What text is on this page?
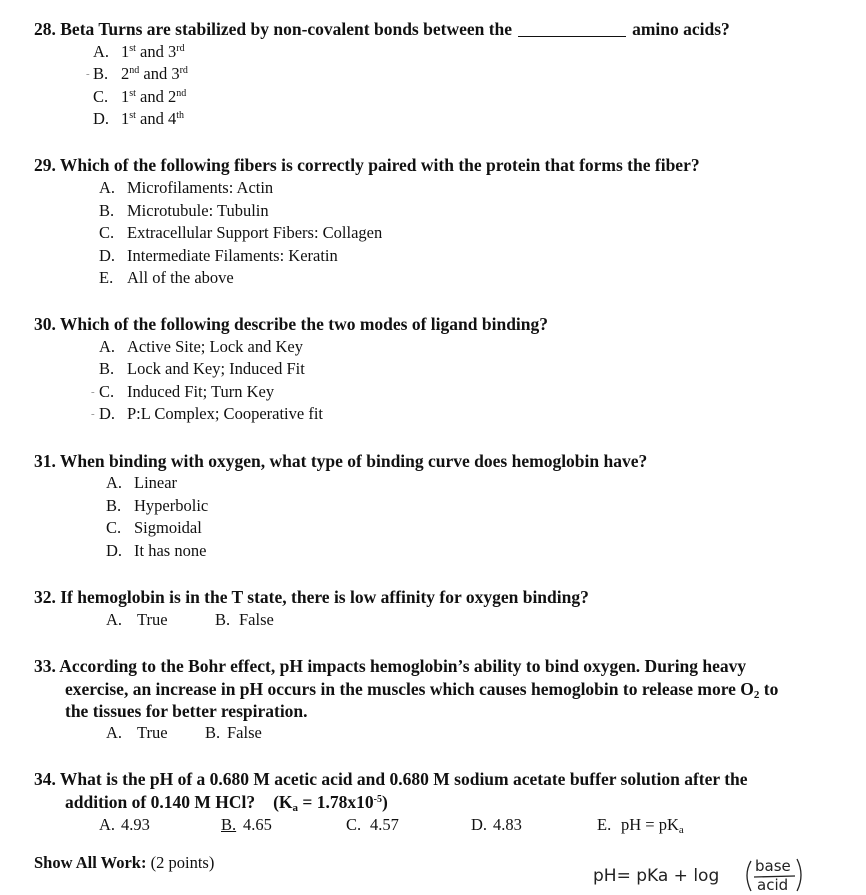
28. Beta Turns are stabilized by non-covalent bonds between the	amino acids?
A. 1st and 3rd
B. 2nd and 3rd
C. 1st and 2nd
D. 1st and 4th
-
29. Which of the following fibers is correctly paired with the protein that forms the fiber?
A. Microfilaments: Actin
B. Microtubule: Tubulin
C. Extracellular Support Fibers: Collagen
D. Intermediate Filaments: Keratin
E. All of the above
30. Which of the following describe the two modes of ligand binding?
A. Active Site; Lock and Key
B. Lock and Key; Induced Fit
C. Induced Fit; Turn Key
D. P:L Complex; Cooperative fit
-
-
31. When binding with oxygen, what type of binding curve does hemoglobin have?
A. Linear
B. Hyperbolic
C. Sigmoidal
D. It has none
32. If hemoglobin is in the T state, there is low affinity for oxygen binding?
A. True	B. False
33. According to the Bohr effect, pH impacts hemoglobin’s ability to bind oxygen. During heavy
exercise, an increase in pH occurs in the muscles which causes hemoglobin to release more $O_2$ to
the tissues for better respiration.
A. True B. False
34. What is the pH of a 0.680 M acetic acid and 0.680 M sodium acetate buffer solution after the
addition of 0.140 M HCl? $(K_a = 1.78x10^{-5})$
A. 4.93	B. 4.65	C. 4.57	D. 4.83	E. pH = $pK_a$
Show All Work: (2 points)
pH= pKa + log base
acid
